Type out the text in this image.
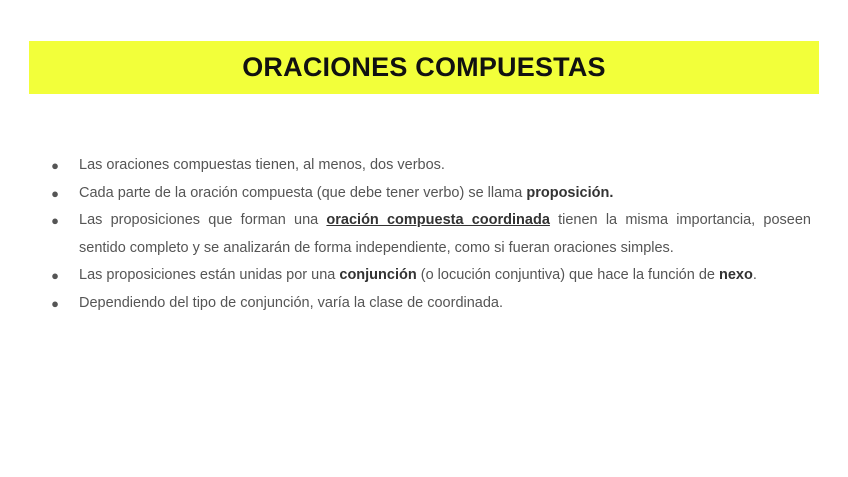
ORACIONES COMPUESTAS
● Las oraciones compuestas tienen, al menos, dos verbos.
● Cada parte de la oración compuesta (que debe tener verbo) se llama proposición.
● Las proposiciones que forman una oración compuesta coordinada tienen la misma importancia, poseen sentido completo y se analizarán de forma independiente, como si fueran oraciones simples.
● Las proposiciones están unidas por una conjunción (o locución conjuntiva) que hace la función de nexo.
● Dependiendo del tipo de conjunción, varía la clase de coordinada.
